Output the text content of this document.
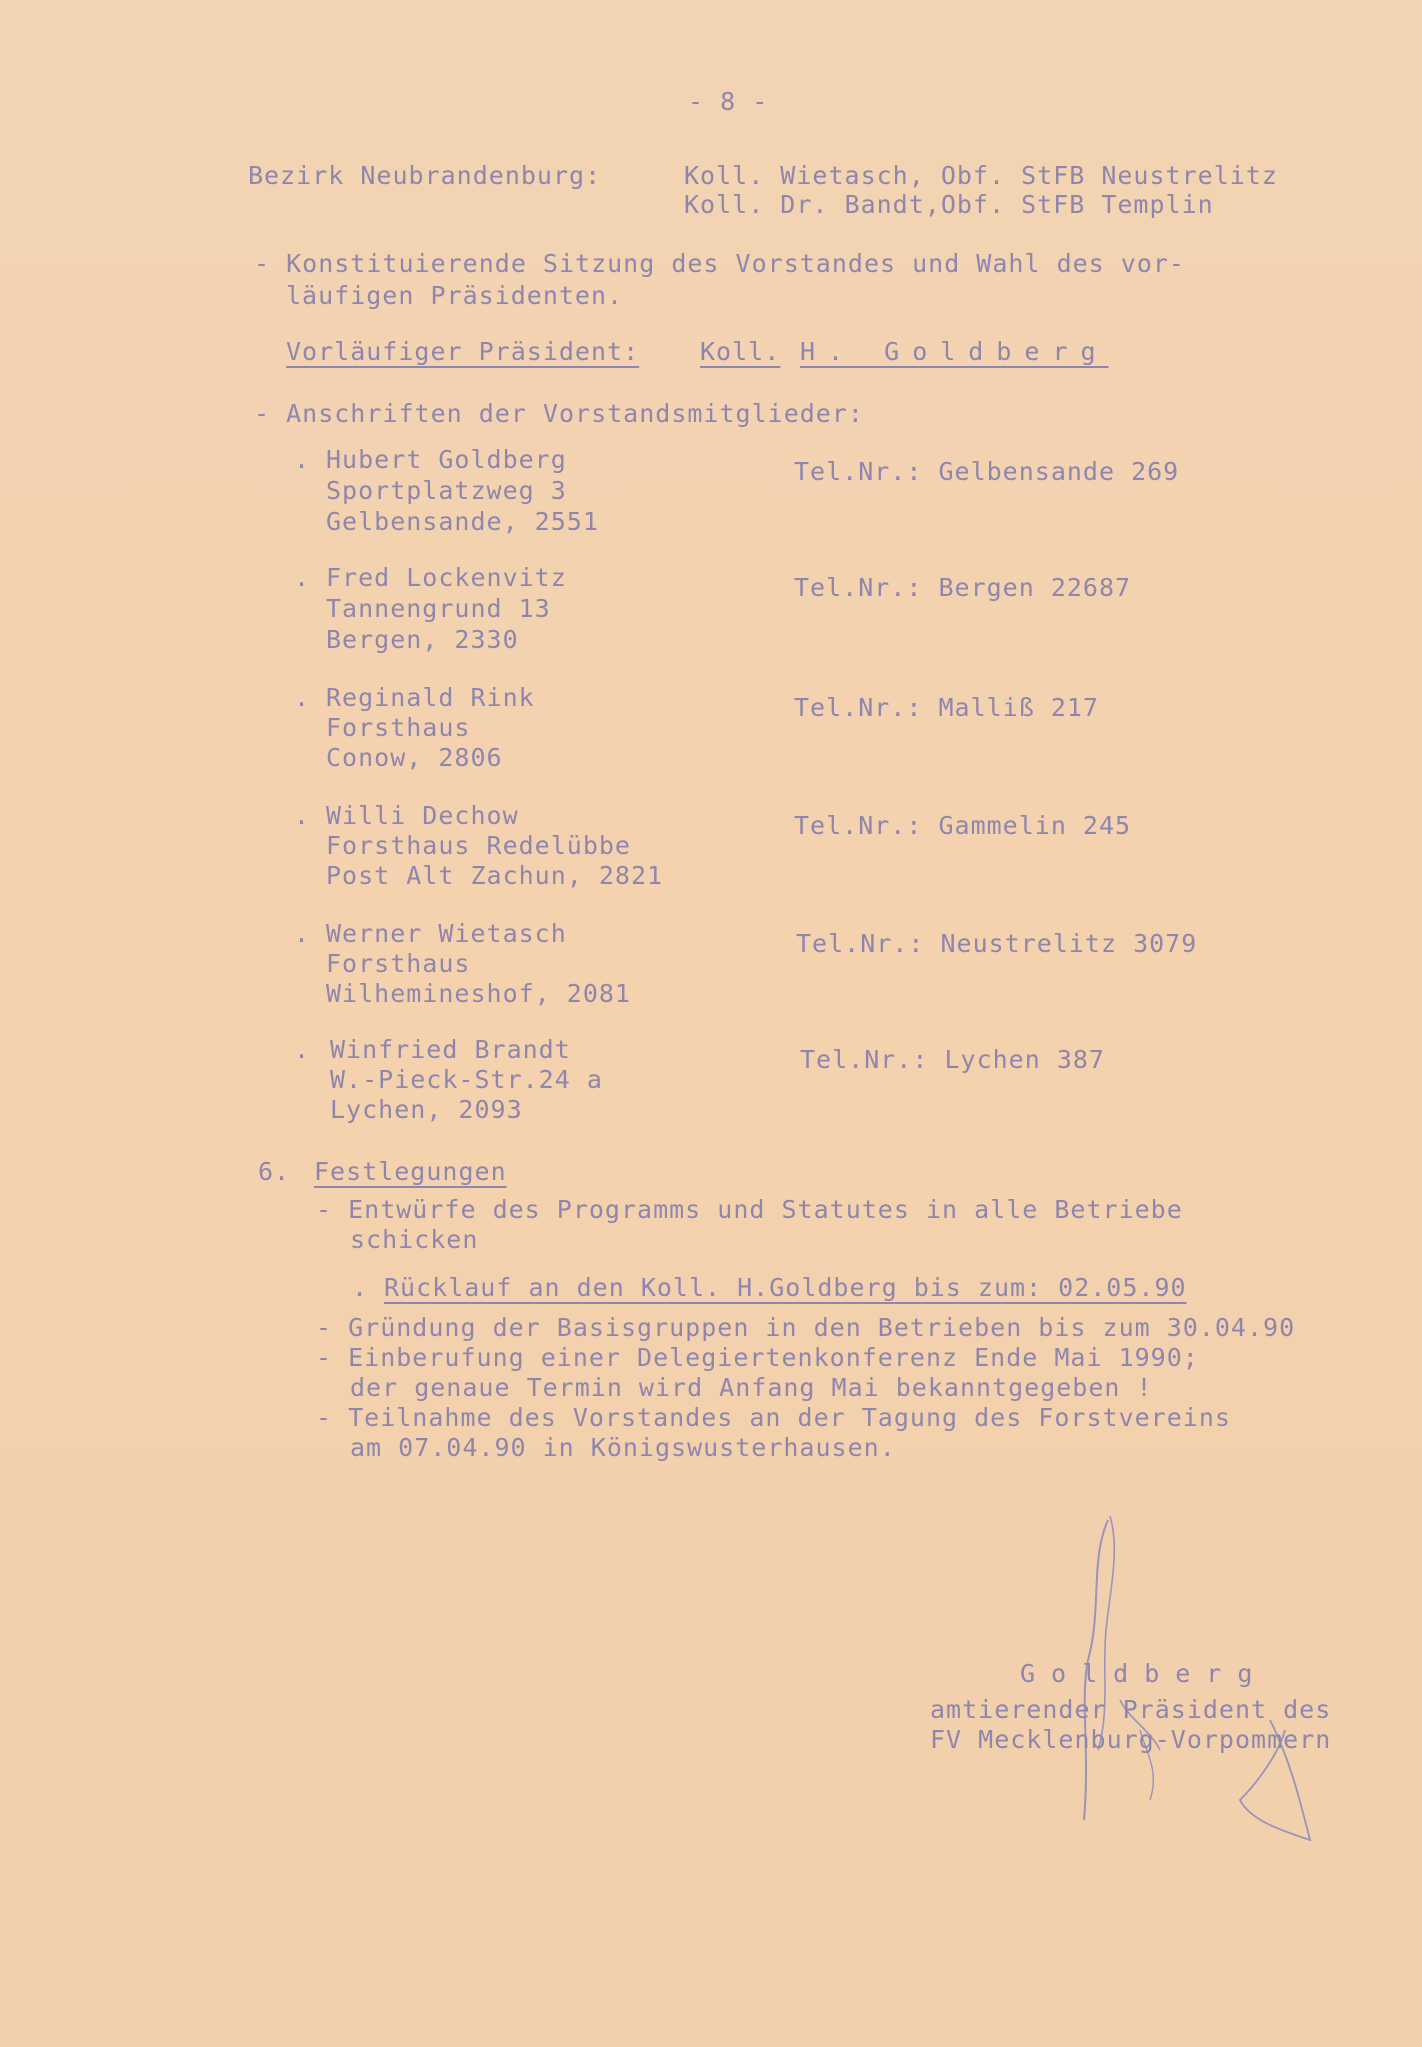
- 8 -
Bezirk Neubrandenburg:	Koll. Wietasch, Obf. StFB Neustrelitz
Koll. Dr. Bandt,Obf. StFB Templin
- Konstituierende Sitzung des Vorstandes und Wahl des vor-
läufigen Präsidenten.
Vorläufiger Präsident: Koll. H. Goldberg
- Anschriften der Vorstandsmitglieder:
. Hubert Goldberg
Sportplatzweg 3
Gelbensande, 2551
Tel.Nr.: Gelbensande 269
. Fred Lockenvitz
Tannengrund 13
Bergen, 2330
Tel.Nr.: Bergen 22687
. Reginald Rink
Forsthaus
Conow, 2806
Tel.Nr.: Malliß 217
. Willi Dechow
Forsthaus Redelübbe
Post Alt Zachun, 2821
Tel.Nr.: Gammelin 245
. Werner Wietasch
Forsthaus
Wilhemineshof, 2081
Tel.Nr.: Neustrelitz 3079
. Winfried Brandt
W.-Pieck-Str.24 a
Lychen, 2093
Tel.Nr.: Lychen 387
6. Festlegungen
- Entwürfe des Programms und Statutes in alle Betriebe
schicken
. Rücklauf an den Koll. H.Goldberg bis zum: 02.05.90
- Gründung der Basisgruppen in den Betrieben bis zum 30.04.90
- Einberufung einer Delegiertenkonferenz Ende Mai 1990;
der genaue Termin wird Anfang Mai bekanntgegeben !
- Teilnahme des Vorstandes an der Tagung des Forstvereins
am 07.04.90 in Königswusterhausen.
Goldberg
amtierender Präsident des
FV Mecklenburg-Vorpommern
